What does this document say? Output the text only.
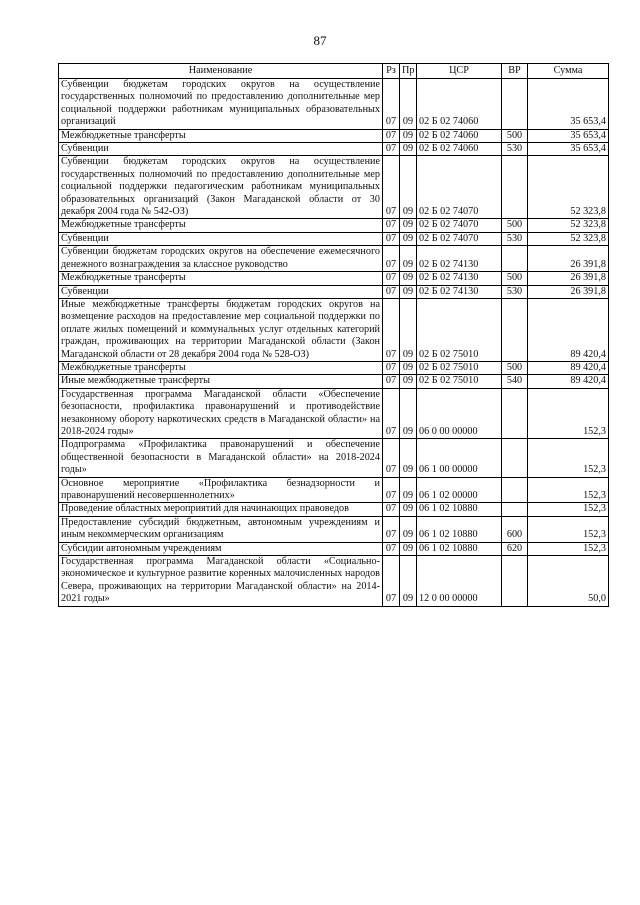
87
Наименование	Рз	Пр	ЦСР	ВР	Сумма
Субвенции бюджетам городских округов на осуществление государственных полномочий по предоставлению дополнительные мер социальной поддержки работникам муниципальных образовательных организаций	07	09	02 Б 02 74060		35 653,4
Межбюджетные трансферты	07	09	02 Б 02 74060	500	35 653,4
Субвенции	07	09	02 Б 02 74060	530	35 653,4
Субвенции бюджетам городских округов на осуществление государственных полномочий по предоставлению дополнительные мер социальной поддержки педагогическим работникам муниципальных образовательных организаций (Закон Магаданской области от 30 декабря 2004 года № 542-ОЗ)	07	09	02 Б 02 74070		52 323,8
Межбюджетные трансферты	07	09	02 Б 02 74070	500	52 323,8
Субвенции	07	09	02 Б 02 74070	530	52 323,8
Субвенции бюджетам городских округов на обеспечение ежемесячного денежного вознаграждения за классное руководство	07	09	02 Б 02 74130		26 391,8
Межбюджетные трансферты	07	09	02 Б 02 74130	500	26 391,8
Субвенции	07	09	02 Б 02 74130	530	26 391,8
Иные межбюджетные трансферты бюджетам городских округов на возмещение расходов на предоставление мер социальной поддержки по оплате жилых помещений и коммунальных услуг отдельных категорий граждан, проживающих на территории Магаданской области (Закон Магаданской области от 28 декабря 2004 года № 528-ОЗ)	07	09	02 Б 02 75010		89 420,4
Межбюджетные трансферты	07	09	02 Б 02 75010	500	89 420,4
Иные межбюджетные трансферты	07	09	02 Б 02 75010	540	89 420,4
Государственная программа Магаданской области «Обеспечение безопасности, профилактика правонарушений и противодействие незаконному обороту наркотических средств в Магаданской области» на 2018-2024 годы»	07	09	06 0 00 00000		152,3
Подпрограмма «Профилактика правонарушений и обеспечение общественной безопасности в Магаданской области» на 2018-2024 годы»	07	09	06 1 00 00000		152,3
Основное мероприятие «Профилактика безнадзорности и правонарушений несовершеннолетних»	07	09	06 1 02 00000		152,3
Проведение областных мероприятий для начинающих правоведов	07	09	06 1 02 10880		152,3
Предоставление субсидий бюджетным, автономным учреждениям и иным некоммерческим организациям	07	09	06 1 02 10880	600	152,3
Субсидии автономным учреждениям	07	09	06 1 02 10880	620	152,3
Государственная программа Магаданской области «Социально-экономическое и культурное развитие коренных малочисленных народов Севера, проживающих на территории Магаданской области» на 2014-2021 годы»	07	09	12 0 00 00000		50,0
